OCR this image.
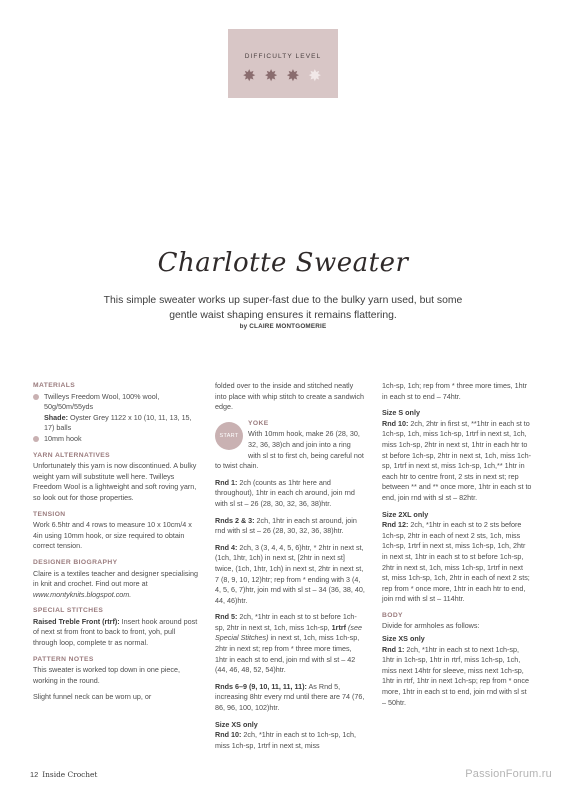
DIFFICULTY LEVEL
✸ ✸ ✸ ✸
Charlotte Sweater
This simple sweater works up super-fast due to the bulky yarn used, but some gentle waist shaping ensures it remains flattering.
by CLAIRE MONTGOMERIE
MATERIALS
Twilleys Freedom Wool, 100% wool, 50g/50m/55yds
Shade: Oyster Grey 1122 x 10 (10, 11, 13, 15, 17) balls
10mm hook
YARN ALTERNATIVES

Unfortunately this yarn is now discontinued. A bulky weight yarn will substitute well here. Twilleys Freedom Wool is a lightweight and soft roving yarn, so look out for those properties.

TENSION

Work 6.5htr and 4 rows to measure 10 x 10cm/4 x 4in using 10mm hook, or size required to obtain correct tension.

DESIGNER BIOGRAPHY

Claire is a textiles teacher and designer specialising in knit and crochet. Find out more at www.montyknits.blogspot.com.

SPECIAL STITCHES

Raised Treble Front (rtrf): Insert hook around post of next st from front to back to front, yoh, pull through loop, complete tr as normal.

PATTERN NOTES

This sweater is worked top down in one piece, working in the round.

Slight funnel neck can be worn up, or

folded over to the inside and stitched neatly into place with whip stitch to create a sandwich edge.

START
YOKE

With 10mm hook, make 26 (28, 30, 32, 36, 38)ch and join into a ring with sl st to first ch, being careful not to twist chain.

Rnd 1: 2ch (counts as 1htr here and throughout), 1htr in each ch around, join rnd with sl st – 26 (28, 30, 32, 36, 38)htr.

Rnds 2 & 3: 2ch, 1htr in each st around, join rnd with sl st – 26 (28, 30, 32, 36, 38)htr.

Rnd 4: 2ch, 3 (3, 4, 4, 5, 6)htr, * 2htr in next st, (1ch, 1htr, 1ch) in next st, [2htr in next st] twice, (1ch, 1htr, 1ch) in next st, 2htr in next st, 7 (8, 9, 10, 12)htr; rep from * ending with 3 (4, 4, 5, 6, 7)htr, join rnd with sl st – 34 (36, 38, 40, 44, 46)htr.

Rnd 5: 2ch, *1htr in each st to st before 1ch-sp, 2htr in next st, 1ch, miss 1ch-sp, 1rtrf (see Special Stitches) in next st, 1ch, miss 1ch-sp, 2htr in next st; rep from * three more times, 1htr in each st to end, join rnd with sl st – 42 (44, 46, 48, 52, 54)htr.

Rnds 6–9 (9, 10, 11, 11, 11): As Rnd 5, increasing 8htr every rnd until there are 74 (76, 86, 96, 100, 102)htr.

Size XS only

Rnd 10: 2ch, *1htr in each st to 1ch-sp, 1ch, miss 1ch-sp, 1rtrf in next st, miss

1ch-sp, 1ch; rep from * three more times, 1htr in each st to end – 74htr.

Size S only

Rnd 10: 2ch, 2htr in first st, **1htr in each st to 1ch-sp, 1ch, miss 1ch-sp, 1rtrf in next st, 1ch, miss 1ch-sp, 2htr in next st, 1htr in each htr to st before 1ch-sp, 2htr in next st, 1ch, miss 1ch-sp, 1rtrf in next st, miss 1ch-sp, 1ch,** 1htr in each htr to centre front, 2 sts in next st; rep between ** and ** once more, 1htr in each st to end, join rnd with sl st – 82htr.

Size 2XL only

Rnd 12: 2ch, *1htr in each st to 2 sts before 1ch-sp, 2htr in each of next 2 sts, 1ch, miss 1ch-sp, 1rtrf in next st, miss 1ch-sp, 1ch, 2htr in next st, 1htr in each st to st before 1ch-sp, 2htr in next st, 1ch, miss 1ch-sp, 1rtrf in next st, miss 1ch-sp, 1ch, 2htr in each of next 2 sts; rep from * once more, 1htr in each htr to end, join rnd with sl st – 114htr.

BODY

Divide for armholes as follows:

Size XS only

Rnd 1: 2ch, *1htr in each st to next 1ch-sp, 1htr in 1ch-sp, 1htr in rtrf, miss 1ch-sp, 1ch, miss next 14htr for sleeve, miss next 1ch-sp, 1htr in rtrf, 1htr in next 1ch-sp; rep from * once more, 1htr in each st to end, join rnd with sl st – 50htr.

12 Inside Crochet	PassionForum.ru
